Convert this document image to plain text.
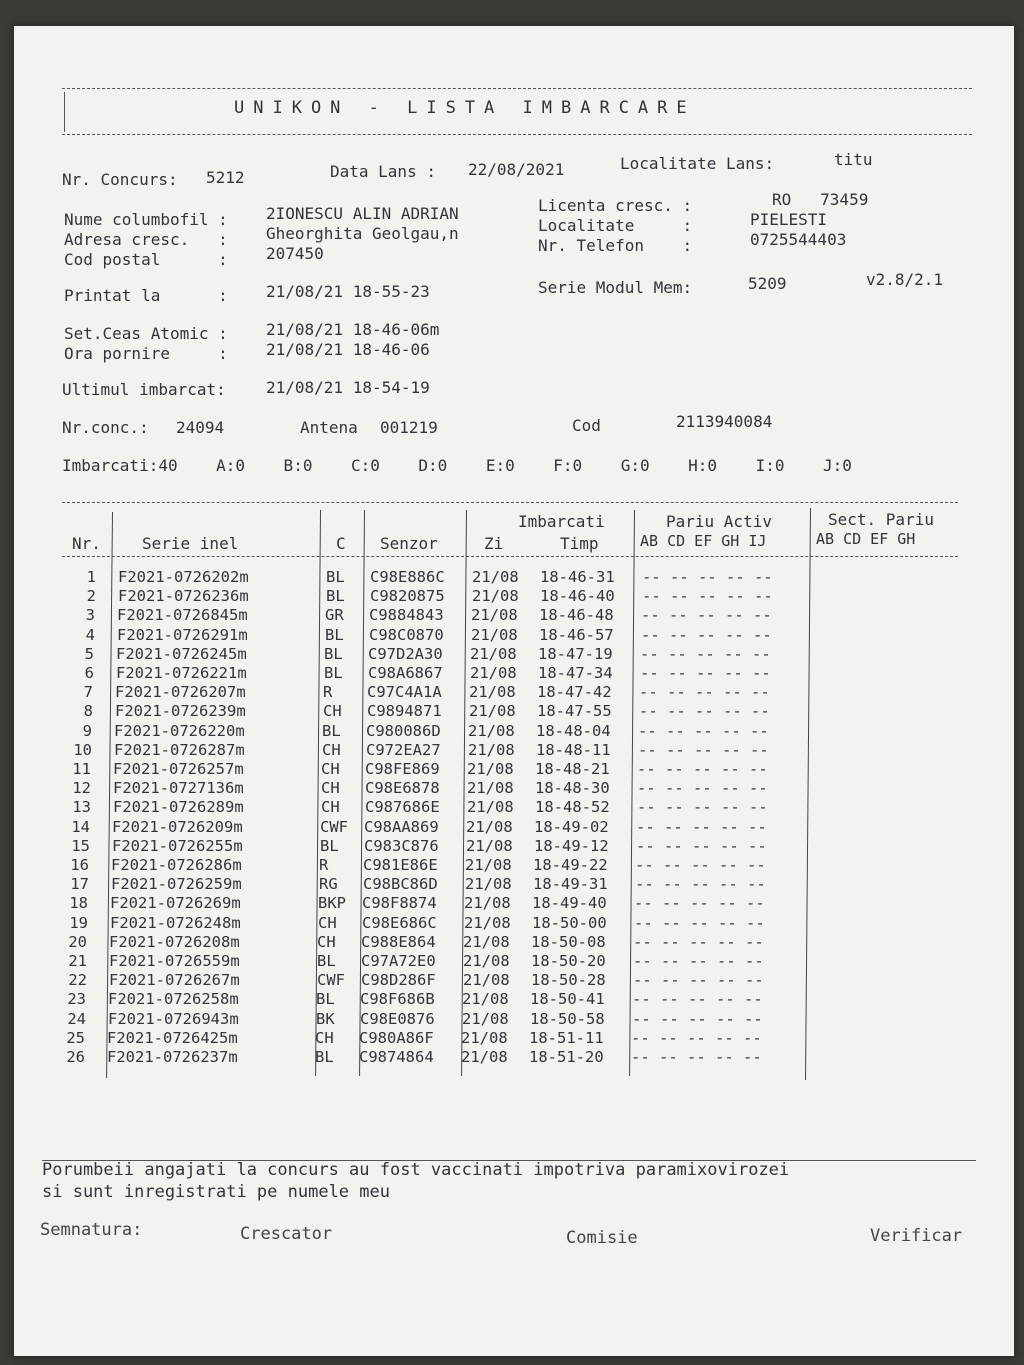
UNIKON - LISTA IMBARCARE
Nr. Concurs: 5212	Data Lans : 22/08/2021	Localitate Lans:	titu
Nume columbofil : 2IONESCU ALIN ADRIAN
Adresa cresc.   : Gheorghita Geolgau,n
Cod postal      : 207450
Licenta cresc. :	RO   73459
Localitate     :	PIELESTI
Nr. Telefon    :	0725544403
Printat la      : 21/08/21 18-55-23	Serie Modul Mem:	5209	v2.8/2.1
Set.Ceas Atomic : 21/08/21 18-46-06m
Ora pornire     : 21/08/21 18-46-06
Ultimul imbarcat:	21/08/21 18-54-19
Nr.conc.: 24094	Antena 001219	Cod	2113940084
Imbarcati:40    A:0    B:0    C:0    D:0    E:0    F:0    G:0    H:0    I:0    J:0
Imbarcati	Pariu Activ	Sect. Pariu
Nr.	Serie inel	C Senzor	Zi	Timp	AB CD EF GH IJ	AB CD EF GH
1 F2021-0726202m	BL C98E886C 21/08 18-46-31 -- -- -- -- --
2 F2021-0726236m	BL C9820875 21/08 18-46-40 -- -- -- -- --
3 F2021-0726845m	GR C9884843 21/08 18-46-48 -- -- -- -- --
4 F2021-0726291m	BL C98C0870 21/08 18-46-57 -- -- -- -- --
5 F2021-0726245m	BL C97D2A30 21/08 18-47-19 -- -- -- -- --
6 F2021-0726221m	BL C98A6867 21/08 18-47-34 -- -- -- -- --
7 F2021-0726207m	R C97C4A1A 21/08 18-47-42 -- -- -- -- --
8 F2021-0726239m	CH C9894871 21/08 18-47-55 -- -- -- -- --
9 F2021-0726220m	BL C980086D 21/08 18-48-04 -- -- -- -- --
10 F2021-0726287m	CH C972EA27 21/08 18-48-11 -- -- -- -- --
11 F2021-0726257m	CH C98FE869 21/08 18-48-21 -- -- -- -- --
12 F2021-0727136m	CH C98E6878 21/08 18-48-30 -- -- -- -- --
13 F2021-0726289m	CH C987686E 21/08 18-48-52 -- -- -- -- --
14 F2021-0726209m	CWF C98AA869 21/08 18-49-02 -- -- -- -- --
15 F2021-0726255m	BL C983C876 21/08 18-49-12 -- -- -- -- --
16 F2021-0726286m	R C981E86E 21/08 18-49-22 -- -- -- -- --
17 F2021-0726259m	RG C98BC86D 21/08 18-49-31 -- -- -- -- --
18 F2021-0726269m	BKP C98F8874 21/08 18-49-40 -- -- -- -- --
19 F2021-0726248m	CH C98E686C 21/08 18-50-00 -- -- -- -- --
20 F2021-0726208m	CH C988E864 21/08 18-50-08 -- -- -- -- --
21 F2021-0726559m	BL C97A72E0 21/08 18-50-20 -- -- -- -- --
22 F2021-0726267m	CWF C98D286F 21/08 18-50-28 -- -- -- -- --
23 F2021-0726258m	BL C98F686B 21/08 18-50-41 -- -- -- -- --
24 F2021-0726943m	BK C98E0876 21/08 18-50-58 -- -- -- -- --
25 F2021-0726425m	CH C980A86F 21/08 18-51-11 -- -- -- -- --
26 F2021-0726237m	BL C9874864 21/08 18-51-20 -- -- -- -- --
Porumbeii angajati la concurs au fost vaccinati impotriva paramixovirozei
si sunt inregistrati pe numele meu
Semnatura:	Crescator	Comisie	Verificar
